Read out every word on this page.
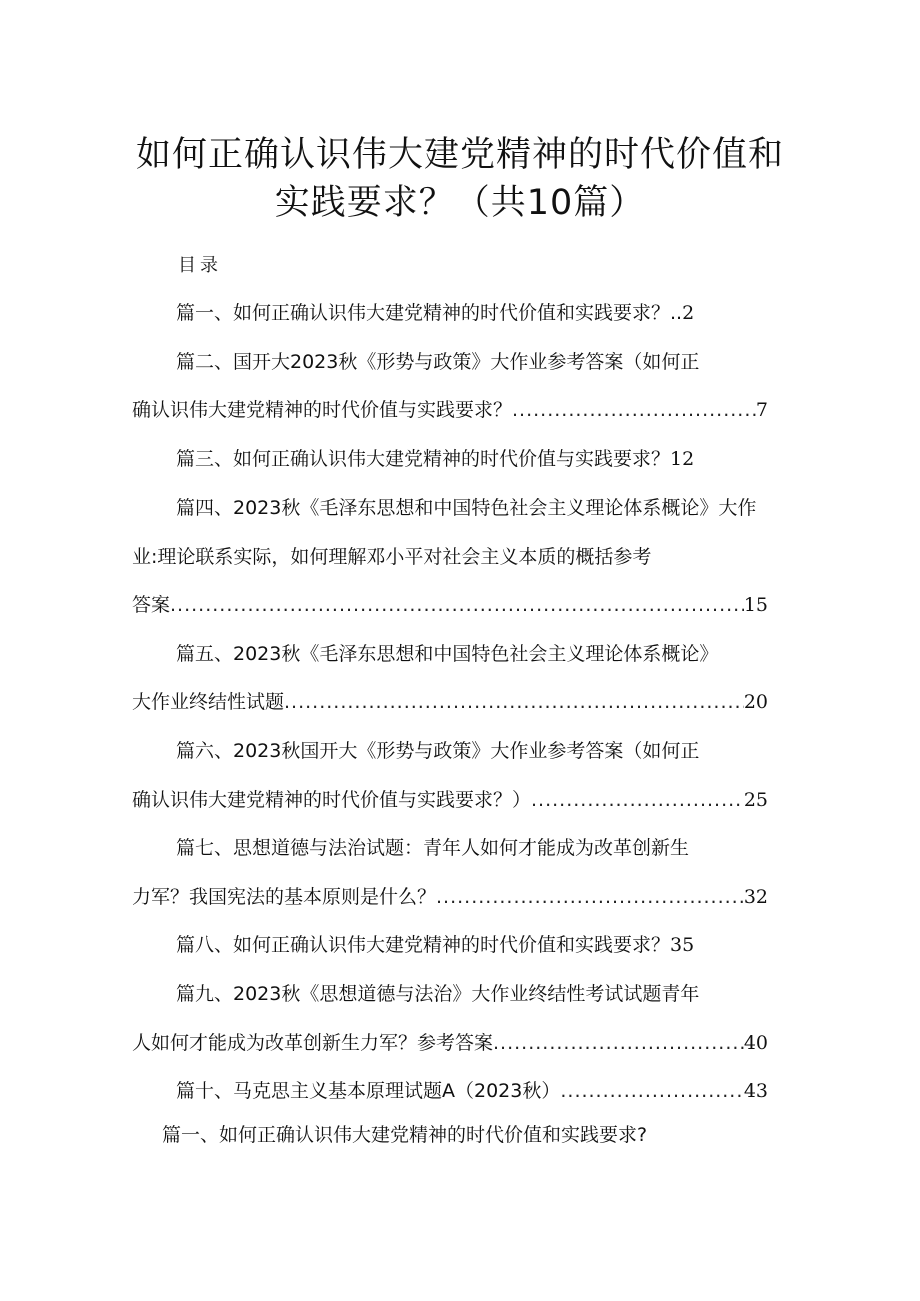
如何正确认识伟大建党精神的时代价值和
实践要求？（共10篇）
目录
篇一、如何正确认识伟大建党精神的时代价值和实践要求？..2
篇二、国开大2023秋《形势与政策》大作业参考答案（如何正
确认识伟大建党精神的时代价值与实践要求？ .....	7
篇三、如何正确认识伟大建党精神的时代价值与实践要求？12
篇四、2023秋《毛泽东思想和中国特色社会主义理论体系概论》大作
业:理论联系实际，如何理解邓小平对社会主义本质的概括参考
答案 .....	15
篇五、2023秋《毛泽东思想和中国特色社会主义理论体系概论》
大作业终结性试题 .....	20
篇六、2023秋国开大《形势与政策》大作业参考答案（如何正
确认识伟大建党精神的时代价值与实践要求？） .....	25
篇七、思想道德与法治试题：青年人如何才能成为改革创新生
力军？我国宪法的基本原则是什么？ .....	32
篇八、如何正确认识伟大建党精神的时代价值和实践要求？35
篇九、2023秋《思想道德与法治》大作业终结性考试试题青年
人如何才能成为改革创新生力军？参考答案 .....	40
篇十、马克思主义基本原理试题A（2023秋） .....	43
篇一、如何正确认识伟大建党精神的时代价值和实践要求?
